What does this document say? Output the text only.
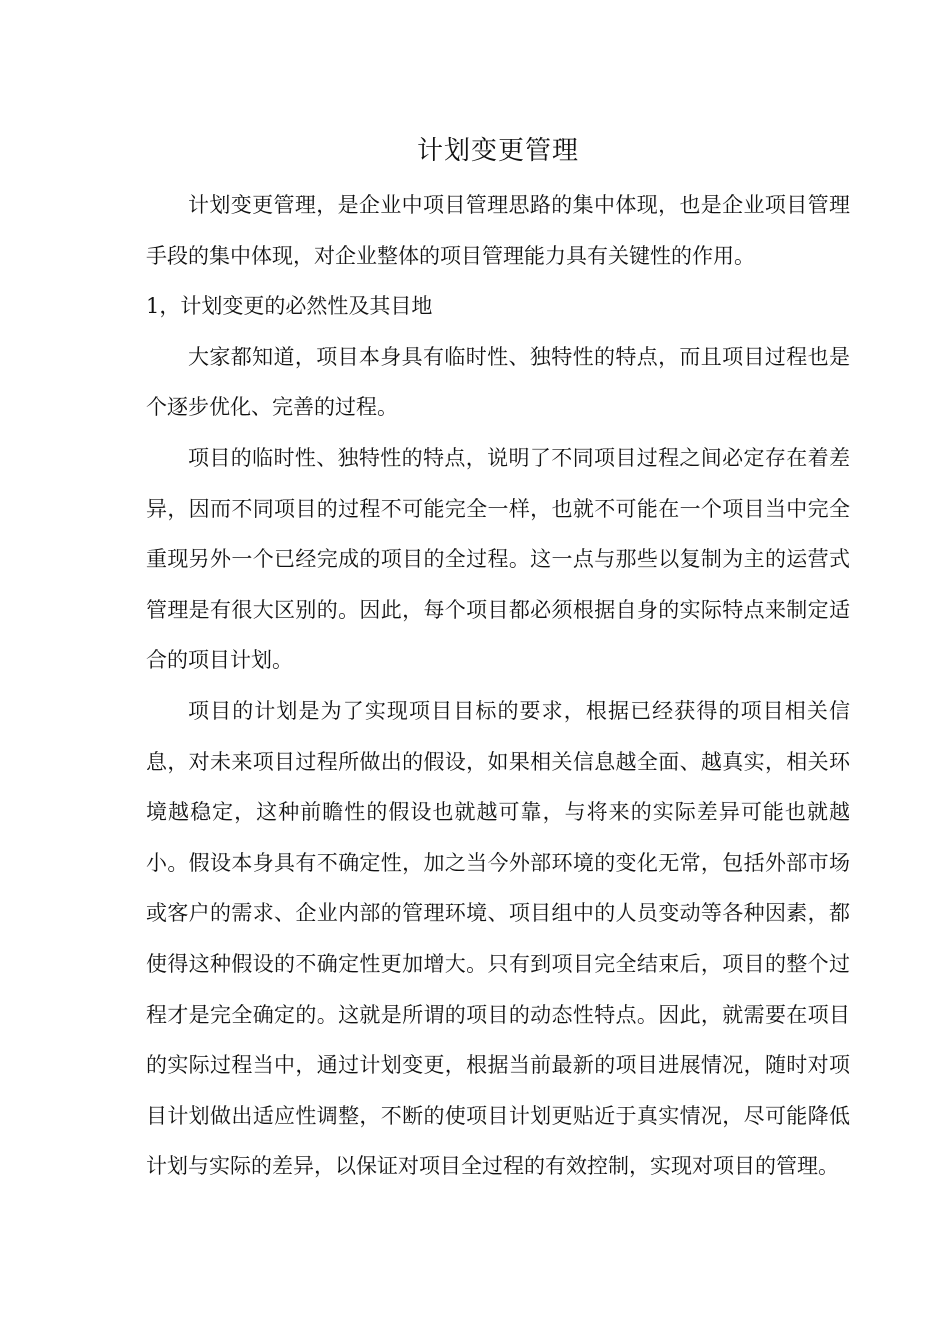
计划变更管理

计划变更管理，是企业中项目管理思路的集中体现，也是企业项目管理手段的集中体现，对企业整体的项目管理能力具有关键性的作用。

1，计划变更的必然性及其目地

大家都知道，项目本身具有临时性、独特性的特点，而且项目过程也是个逐步优化、完善的过程。

项目的临时性、独特性的特点，说明了不同项目过程之间必定存在着差异，因而不同项目的过程不可能完全一样，也就不可能在一个项目当中完全重现另外一个已经完成的项目的全过程。这一点与那些以复制为主的运营式管理是有很大区别的。因此，每个项目都必须根据自身的实际特点来制定适合的项目计划。

项目的计划是为了实现项目目标的要求，根据已经获得的项目相关信息，对未来项目过程所做出的假设，如果相关信息越全面、越真实，相关环境越稳定，这种前瞻性的假设也就越可靠，与将来的实际差异可能也就越小。假设本身具有不确定性，加之当今外部环境的变化无常，包括外部市场或客户的需求、企业内部的管理环境、项目组中的人员变动等各种因素，都使得这种假设的不确定性更加增大。只有到项目完全结束后，项目的整个过程才是完全确定的。这就是所谓的项目的动态性特点。因此，就需要在项目的实际过程当中，通过计划变更，根据当前最新的项目进展情况，随时对项目计划做出适应性调整，不断的使项目计划更贴近于真实情况，尽可能降低计划与实际的差异，以保证对项目全过程的有效控制，实现对项目的管理。
